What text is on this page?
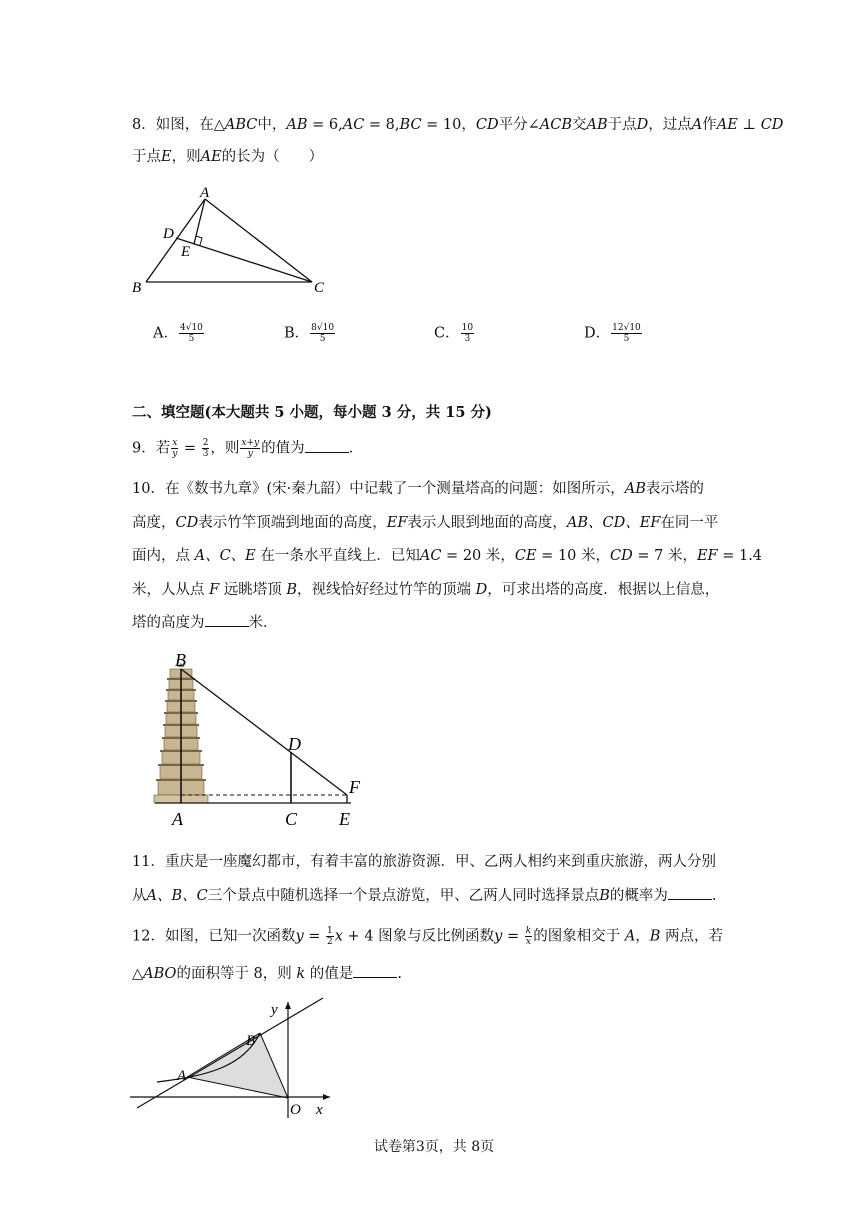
8．如图，在△ABC中，AB = 6,AC = 8,BC = 10，CD平分∠ACB交AB于点D，过点A作AE ⊥ CD
于点E，则AE的长为（　　）
A
B	C
D
E
A． $\frac{4√10}{5}$	B． $\frac{8√10}{5}$	C． $\frac{10}{3}$	D． $\frac{12√10}{5}$
二、填空题(本大题共 5 小题，每小题 3 分，共 15 分)
9．若 $\frac{x}{y} = \frac{2}{3}$ ，则 $\frac{x+y}{y}$ 的值为	.
10．在《数书九章》(宋·秦九韶）中记载了一个测量塔高的问题：如图所示，AB表示塔的
高度，CD表示竹竿顶端到地面的高度，EF表示人眼到地面的高度，AB、CD、EF在同一平
面内，点 A、C、E 在一条水平直线上．已知AC = 20 米，CE = 10 米，CD = 7 米，EF = 1.4
米，人从点 F 远眺塔顶 B，视线恰好经过竹竿的顶端 D，可求出塔的高度．根据以上信息，
塔的高度为	米．
B
A	C E
D
F
11．重庆是一座魔幻都市，有着丰富的旅游资源．甲、乙两人相约来到重庆旅游，两人分别
从A、B、C三个景点中随机选择一个景点游览，甲、乙两人同时选择景点B的概率为	.
12．如图，已知一次函数$y = \frac{1}{2}$ x + 4 图象与反比例函数$y = \frac{k}{x}$ 的图象相交于 A，B 两点，若
△ABO的面积等于 8，则 k 的值是	.
A
B
O x
y
试卷第3页，共 8页
